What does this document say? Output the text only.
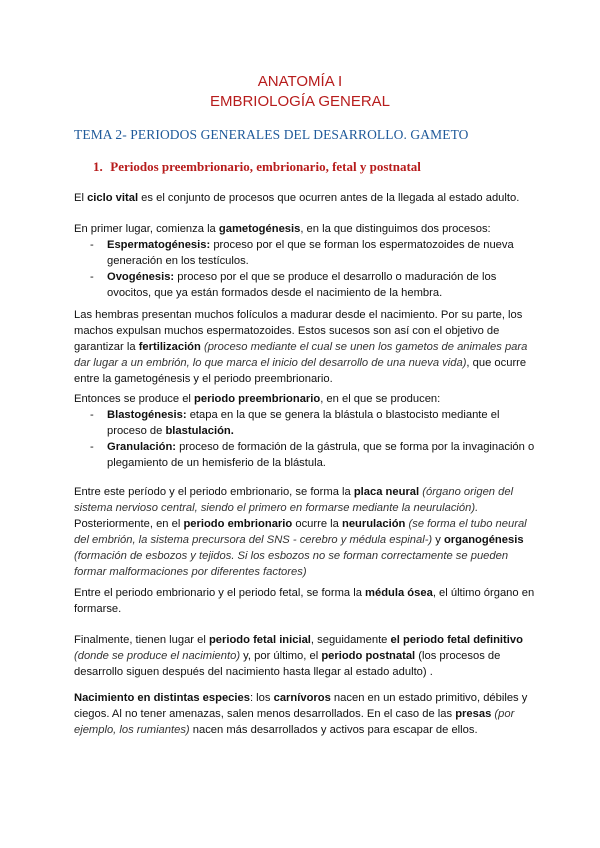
ANATOMÍA I
EMBRIOLOGÍA GENERAL
TEMA 2- PERIODOS GENERALES DEL DESARROLLO. GAMETO
1. Periodos preembrionario, embrionario, fetal y postnatal
El ciclo vital es el conjunto de procesos que ocurren antes de la llegada al estado adulto.
En primer lugar, comienza la gametogénesis, en la que distinguimos dos procesos:
- Espermatogénesis: proceso por el que se forman los espermatozoides de nueva generación en los testículos.
- Ovogénesis: proceso por el que se produce el desarrollo o maduración de los ovocitos, que ya están formados desde el nacimiento de la hembra.
Las hembras presentan muchos folículos a madurar desde el nacimiento. Por su parte, los machos expulsan muchos espermatozoides. Estos sucesos son así con el objetivo de garantizar la fertilización (proceso mediante el cual se unen los gametos de animales para dar lugar a un embrión, lo que marca el inicio del desarrollo de una nueva vida), que ocurre entre la gametogénesis y el periodo preembrionario.
Entonces se produce el periodo preembrionario, en el que se producen:
- Blastogénesis: etapa en la que se genera la blástula o blastocisto mediante el proceso de blastulación.
- Granulación: proceso de formación de la gástrula, que se forma por la invaginación o plegamiento de un hemisferio de la blástula.
Entre este período y el periodo embrionario, se forma la placa neural (órgano origen del sistema nervioso central, siendo el primero en formarse mediante la neurulación). Posteriormente, en el periodo embrionario ocurre la neurulación (se forma el tubo neural del embrión, la sistema precursora del SNS - cerebro y médula espinal-) y organogénesis (formación de esbozos y tejidos. Si los esbozos no se forman correctamente se pueden formar malformaciones por diferentes factores)
Entre el periodo embrionario y el periodo fetal, se forma la médula ósea, el último órgano en formarse.
Finalmente, tienen lugar el periodo fetal inicial, seguidamente el periodo fetal definitivo (donde se produce el nacimiento) y, por último, el periodo postnatal (los procesos de desarrollo siguen después del nacimiento hasta llegar al estado adulto) .
Nacimiento en distintas especies: los carnívoros nacen en un estado primitivo, débiles y ciegos. Al no tener amenazas, salen menos desarrollados. En el caso de las presas (por ejemplo, los rumiantes) nacen más desarrollados y activos para escapar de ellos.
